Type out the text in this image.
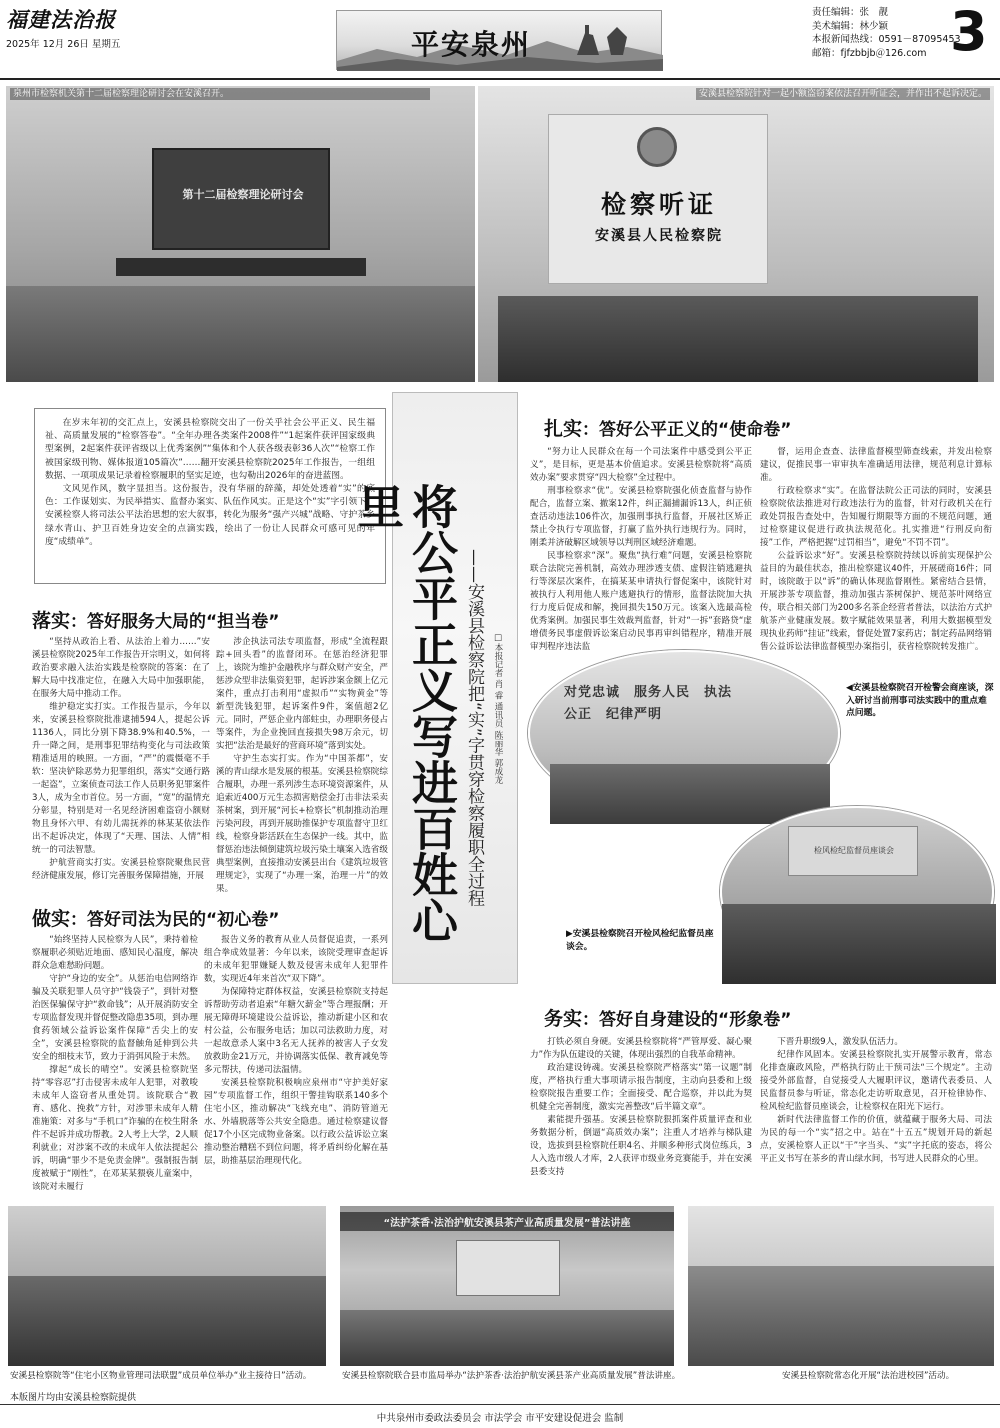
福建法治报
2025年 12月 26日 星期五	平安泉州
责任编辑：张　靓
美术编辑：林少颖
本报新闻热线：0591－87095453
邮箱：fjfzbbjb＠126.com 3
第十二届检察理论研讨会
泉州市检察机关第十二届检察理论研讨会在安溪召开。
检察听证
安溪县人民检察院
安溪县检察院针对一起小额盗窃案依法召开听证会，并作出不起诉决定。

在岁末年初的交汇点上，安溪县检察院交出了一份关乎社会公平正义、民生福祉、高质量发展的“检察答卷”。“全年办理各类案件2008件”“1起案件获评国家级典型案例，2起案件获评省级以上优秀案例”“集体和个人获各级表彰36人次”“检察工作被国家级刊物、媒体报道105篇次”……翻开安溪县检察院2025年工作报告，一组组数据、一项项成果记录着检察履职的坚实足迹，也勾勒出2026年的奋进蓝图。

文风见作风，数字显担当。这份报告，没有华丽的辞藻，却处处透着“实”的底色：工作谋划实、为民举措实、监督办案实、队伍作风实。正是这个“实”字引领下，安溪检察人将司法公平法治思想的宏大叙事，转化为服务“强产兴城”战略、守护茶乡绿水青山、护卫百姓身边安全的点滴实践，绘出了一份让人民群众可感可见的年度“成绩单”。	将公平正义写进百姓心里
——安溪县检察院把“实”字贯穿检察履职全过程 □本报记者 肖 睿 通讯员 陈丽华 郭成龙
落实：答好服务大局的“担当卷”

“坚持从政治上看、从法治上着力……”安溪县检察院2025年工作报告开宗明义，如何将政治要求融入法治实践是检察院的答案：在了解大局中找准定位，在融入大局中加强职能，在服务大局中推动工作。

维护稳定实打实。工作报告显示，今年以来，安溪县检察院批准逮捕594人，提起公诉1136人，同比分别下降38.9%和40.5%，一升一降之间，是刑事犯罪结构变化与司法政策精准适用的映照。一方面，“严”的震慑毫不手软：坚决铲除恶势力犯罪组织，落实“交通行路一起盗”，立案侦查司法工作人员职务犯罪案件3人，成为全市首位。另一方面，“宽”的温情充分彰显，特别是对一名见经济困难盗窃小额财物且身怀六甲、有幼儿需抚养的林某某依法作出不起诉决定，体现了“天理、国法、人情”相统一的司法智慧。

护航营商实打实。安溪县检察院聚焦民营经济健康发展，修订完善服务保障措施，开展

涉企执法司法专项监督，形成“全流程跟踪+回头看”的监督闭环。在惩治经济犯罪上，该院为维护金融秩序与群众财产安全，严惩涉众型非法集资犯罪，起诉涉案金额上亿元案件，重点打击利用“虚拟币”“实物黄金”等新型洗钱犯罪，起诉案件9件，案值超2亿元。同时，严惩企业内部蛀虫，办理职务侵占等案件，为企业挽回直接损失98万余元，切实把“法治是最好的营商环境”落到实处。

守护生态实打实。作为“中国茶都”，安溪的青山绿水是发展的根基。安溪县检察院综合履职，办理一系列涉生态环境资源案件，从追索近400万元生态损害赔偿金打击非法采卖茶树案，到开展“河长+检察长”机制推动治理污染河段，再到开展助推保护专项监督守卫红线，检察身影活跃在生态保护一线。其中，监督惩治违法倾倒建筑垃圾污染土壤案入选省级典型案例，直接推动安溪县出台《建筑垃圾管理规定》，实现了“办理一案，治理一片”的效果。

做实：答好司法为民的“初心卷”

“始终坚持人民检察为人民”，秉持着检察履职必须贴近地面、感知民心温度，解决群众急难愁盼问题。

守护“身边的安全”。从惩治电信网络诈骗及关联犯罪人员守护“钱袋子”，到针对整治医保骗保守护“救命钱”；从开展消防安全专项监督发现并督促整改隐患35项，到办理食药领域公益诉讼案件保障“舌尖上的安全”，安溪县检察院的监督触角延伸到公共安全的细枝末节，致力于消弭风险于未然。

撑起“成长的晴空”。安溪县检察院坚持“零容忍”打击侵害未成年人犯罪，对教唆未成年人盗窃者从重处罚。该院联合“教育、感化、挽救”方针，对涉罪未成年人精准施策：对多与“手机口”诈骗的在校生附条件不起诉并成功帮教。2人考上大学，2人顺利就业；对涉案不改的未成年人依法提起公诉，明确“罪少不是免责金牌”。强制报告制度被赋于“刚性”，在邓某某猥亵儿童案中，该院对未履行

报告义务的教育从业人员督促追责，一系列组合拳成效显著：今年以来，该院受理审查起诉的未成年犯罪嫌疑人数及侵害未成年人犯罪件数，实现近4年来首次“双下降”。

为保障特定群体权益，安溪县检察院支持起诉帮助劳动者追索“年糖欠薪金”等合理报酬；开展无障碍环境建设公益诉讼，推动新建小区和农村公益，公布服务电话；加以司法救助力度，对一起故意杀人案中3名无人抚养的被害人子女发放救助金21万元，并协调落实低保、教育减免等多元帮扶，传递司法温情。

安溪县检察院积极响应泉州市“守护美好家园”专项监督工作，组织干警挂钩联系140多个住宅小区，推动解决“飞线充电”、消防管道无水、外墙脱落等公共安全隐患。通过检察建议督促17个小区完成物业备案。以行政公益诉讼立案推动整治糟糕不到位问题，将矛盾纠纷化解在基层，助推基层治理现代化。

扎实：答好公平正义的“使命卷”

“努力让人民群众在每一个司法案件中感受到公平正义”，是目标，更是基本价值追求。安溪县检察院将“高质效办案”要求贯穿“四大检察”全过程中。

刑事检察求“优”。安溪县检察院强化侦查监督与协作配合，监督立案、撤案12件，纠正漏捕漏诉13人，纠正侦查活动违法106件次，加强刑事执行监督，开展社区矫正禁止令执行专项监督，打赢了监外执行违规行为。同时，刚柔并济破解区域领导以判刑区域经济难题。

民事检察求“深”。聚焦“执行难”问题，安溪县检察院联合法院完善机制，高效办理涉透支债、虚假注销逃避执行等深层次案件，在搞某某申请执行督促案中，该院针对被执行人利用他人账户逃避执行的情形，监督法院加大执行力度后促成和解，挽回损失150万元。该案入选最高检优秀案例。加强民事生效裁判监督，针对“一拆”套路贷“虚增债务民事虚假诉讼案启动民事再审纠错程序，精准开展审判程序违法监

督，运用企查查、法律监督模型筛查线索，并发出检察建议，促推民事一审审执车准确适用法律，规范利息计算标准。

行政检察求“实”。在监督法院公正司法的同时，安溪县检察院依法推进对行政违法行为的监督，针对行政机关在行政处罚报告查处中，告知履行期限等方面的不规范问题，通过检察建议促进行政执法规范化。扎实推进“行刑反向衔接”工作，严格把握“过罚相当”，避免“不罚不罚”。

公益诉讼求“好”。安溪县检察院持续以诉前实现保护公益目的为最佳状态，推出检察建议40件，开展磋商16件；同时，该院敢于以“诉”的确认体现监督刚性。紧密结合县情，开展涉茶专项监督，推动加强古茶树保护、规范茶叶网络宣传，联合相关部门为200多名茶企经营者普法，以法治方式护航茶产业健康发展。数字赋能效果显著，利用大数据模型发现执业药师“挂证”线索，督促处置7家药店；制定药品网络销售公益诉讼法律监督模型办案指引，获省检察院转发推广。

对党忠诚　服务人民　执法公正　纪律严明
◀安溪县检察院召开检警会商座谈，深入研讨当前刑事司法实践中的重点难点问题。
检风检纪监督员座谈会
▶安溪县检察院召开检风检纪监督员座谈会。
务实：答好自身建设的“形象卷”

打铁必须自身硬。安溪县检察院将“严管厚爱、凝心聚力”作为队伍建设的关键，体现出强烈的自我革命精神。

政治建设铸魂。安溪县检察院严格落实“第一议题”制度，严格执行重大事项请示报告制度，主动向县委和上级检察院报告重要工作；全面接受、配合巡察，并以此为契机健全完善制度，激实完善整改“后半篇文章”。

素能提升强基。安溪县检察院狠抓案件质量评查和业务数据分析，倒逼“高质效办案”；注重人才培养与梯队建设，选拔到县检察院任职4名、并顺多种形式岗位练兵，3人入选市级人才库，2人获评市级业务竞赛能手，并在安溪县委支持

下晋升职级9人，激发队伍活力。

纪律作风固本。安溪县检察院扎实开展警示教育，常态化排查廉政风险，严格执行防止干预司法“三个规定”。主动接受外部监督，自觉接受人大履职评议，邀请代表委员、人民监督员参与听证，常态化走访听取意见，召开检律协作、检风检纪监督员座谈会，让检察权在阳光下运行。

新时代法律监督工作的价值，就蕴藏于服务大局、司法为民的每一个“实”招之中。站在“十五五”规划开局的新起点，安溪检察人正以“干”字当头、“实”字托底的姿态，将公平正义书写在茶乡的青山绿水间，书写进人民群众的心里。

安溪县检察院等“住宅小区物业管理司法联盟”成员单位举办“业主接待日”活动。
“法护茶香·法治护航安溪县茶产业高质量发展”普法讲座
安溪县检察院联合县市监局举办“法护茶香·法治护航安溪县茶产业高质量发展”普法讲座。	安溪县检察院常态化开展“法治进校园”活动。
本版图片均由安溪县检察院提供
中共泉州市委政法委员会 市法学会 市平安建设促进会 监制
